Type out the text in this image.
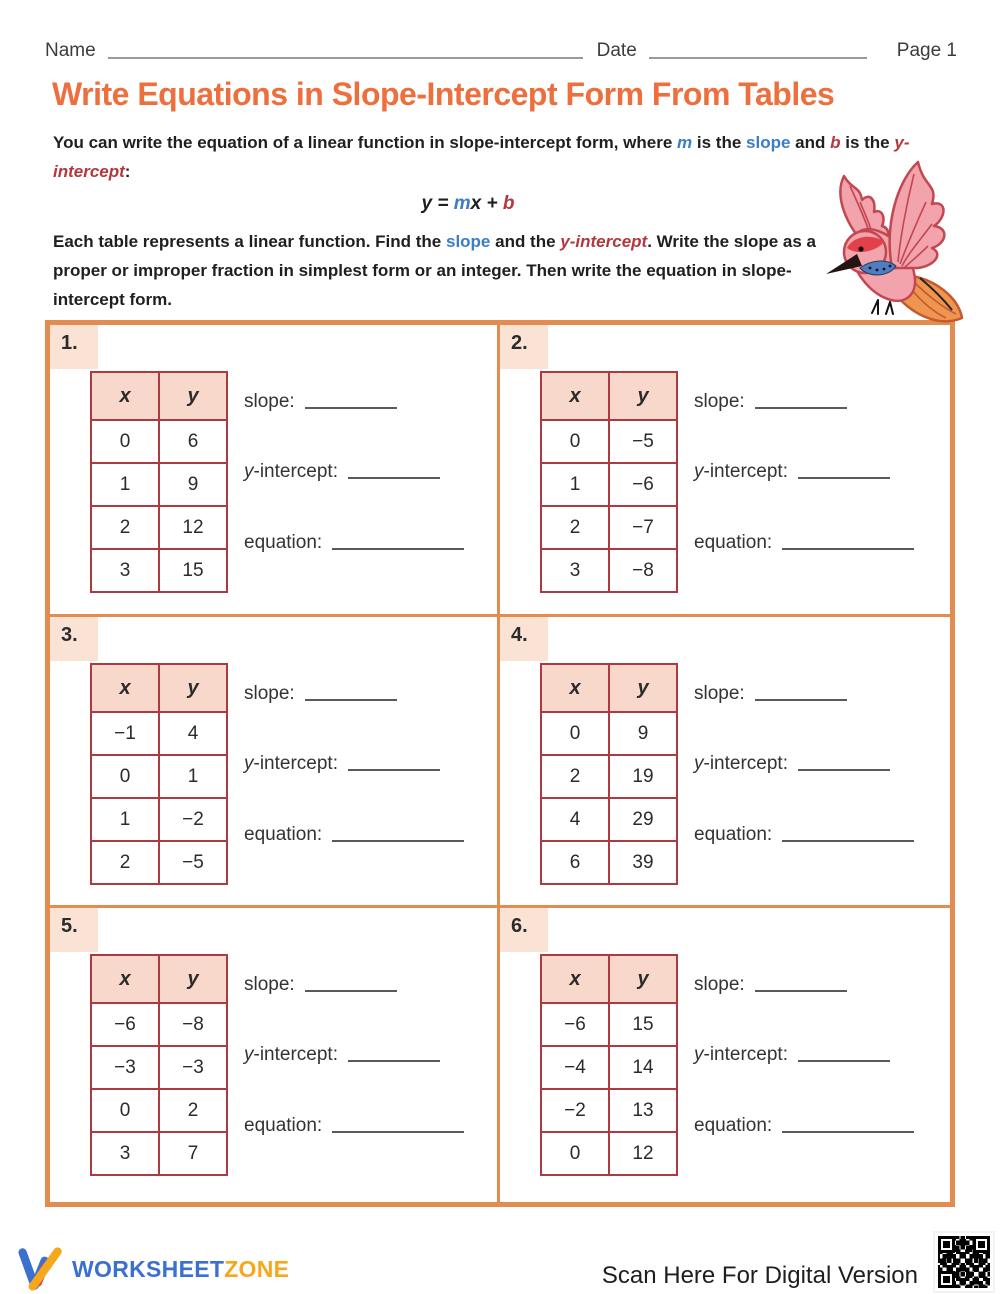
Name	Date	Page 1
Write Equations in Slope-Intercept Form From Tables

You can write the equation of a linear function in slope-intercept form, where m is the slope and b is the y-intercept:

y = mx + b

Each table represents a linear function. Find the slope and the y-intercept. Write the slope as a proper or improper fraction in simplest form or an integer. Then write the equation in slope-intercept form.

1.
x	y
0	6
1	9
2	12
3	15
slope:
y-intercept:
equation:
2.
x	y
0	−5
1	−6
2	−7
3	−8
slope:
y-intercept:
equation:
3.
x	y
−1	4
0	1
1	−2
2	−5
slope:
y-intercept:
equation:
4.
x	y
0	9
2	19
4	29
6	39
slope:
y-intercept:
equation:
5.
x	y
−6	−8
−3	−3
0	2
3	7
slope:
y-intercept:
equation:
6.
x	y
−6	15
−4	14
−2	13
0	12
slope:
y-intercept:
equation:
WORKSHEETZONE	Scan Here For Digital Version
